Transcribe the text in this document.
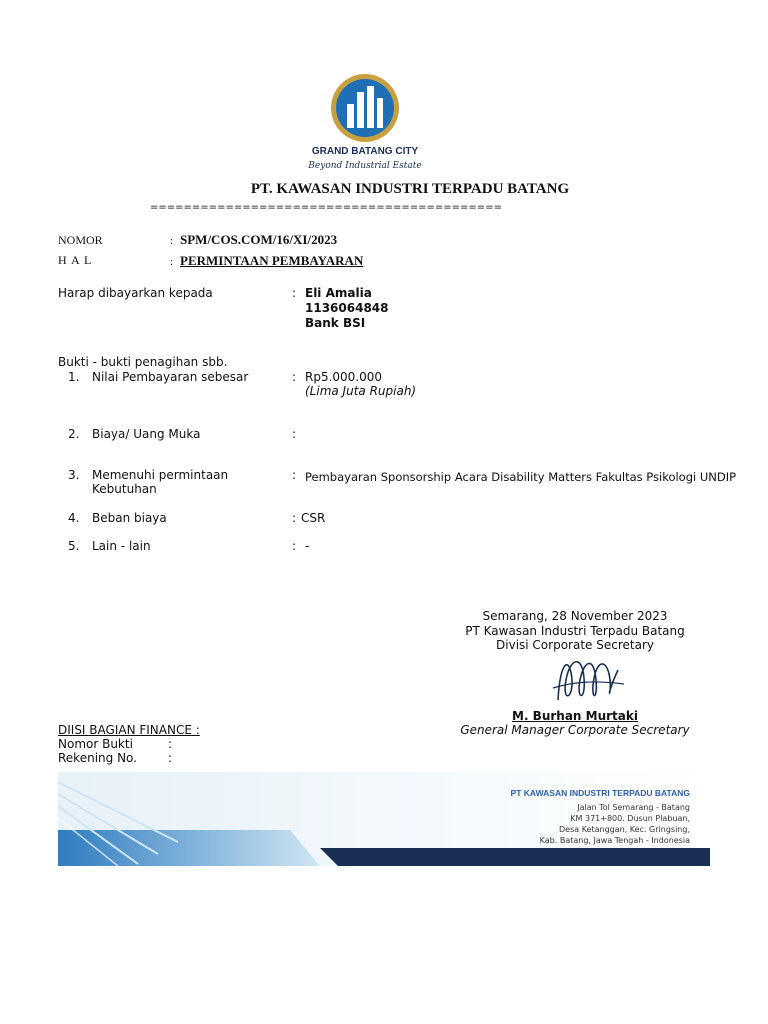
GRAND BATANG CITY
Beyond Industrial Estate
PT. KAWASAN INDUSTRI TERPADU BATANG
==========================================
NOMOR	: SPM/COS.COM/16/XI/2023
H A L	: PERMINTAAN PEMBAYARAN
Harap dibayarkan kepada	: Eli Amalia
1136064848
Bank BSI
Bukti - bukti penagihan sbb.
1. Nilai Pembayaran sebesar	: Rp5.000.000
(Lima Juta Rupiah)
2. Biaya/ Uang Muka	:
3. Memenuhi permintaan
Kebutuhan
: Pembayaran Sponsorship Acara Disability Matters Fakultas Psikologi UNDIP
4. Beban biaya	: CSR
5. Lain - lain	: -
Semarang, 28 November 2023
PT Kawasan Industri Terpadu Batang
Divisi Corporate Secretary
M. Burhan Murtaki
General Manager Corporate Secretary
DIISI BAGIAN FINANCE :
Nomor Bukti	:
Rekening No.	:
PT KAWASAN INDUSTRI TERPADU BATANG
Jalan Tol Semarang - Batang
KM 371+800. Dusun Plabuan,
Desa Ketanggan, Kec. Gringsing,
Kab. Batang, Jawa Tengah - Indonesia
